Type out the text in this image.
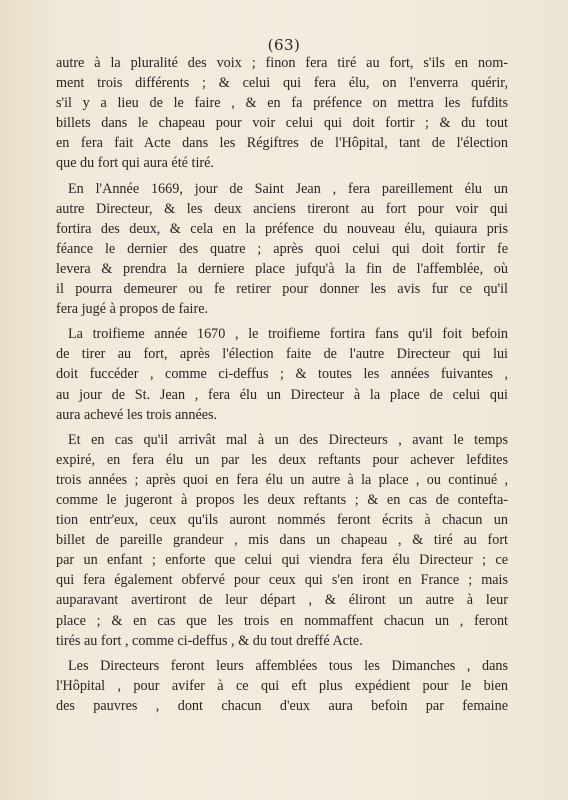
(63)

autre à la pluralité des voix ; finon fera tiré au fort, s'ils en nom-
ment trois différents ; & celui qui fera élu, on l'enverra quérir,
s'il y a lieu de le faire , & en fa préfence on mettra les fufdits
billets dans le chapeau pour voir celui qui doit fortir ; & du tout
en fera fait Acte dans les Régiftres de l'Hôpital, tant de l'élection
que du fort qui aura été tiré.

En l'Année 1669, jour de Saint Jean , fera pareillement élu un
autre Directeur, & les deux anciens tireront au fort pour voir qui
fortira des deux, & cela en la préfence du nouveau élu, quiaura pris
féance le dernier des quatre ; après quoi celui qui doit fortir fe
levera & prendra la derniere place jufqu'à la fin de l'affemblée, où
il pourra demeurer ou fe retirer pour donner les avis fur ce qu'il
fera jugé à propos de faire.

La troifieme année 1670 , le troifieme fortira fans qu'il foit befoin
de tirer au fort, après l'élection faite de l'autre Directeur qui lui
doit fuccéder , comme ci-deffus ; & toutes les années fuivantes ,
au jour de St. Jean , fera élu un Directeur à la place de celui qui
aura achevé les trois années.

Et en cas qu'il arrivât mal à un des Directeurs , avant le temps
expiré, en fera élu un par les deux reftants pour achever lefdites
trois années ; après quoi en fera élu un autre à la place , ou continué ,
comme le jugeront à propos les deux reftants ; & en cas de contefta-
tion entr'eux, ceux qu'ils auront nommés feront écrits à chacun un
billet de pareille grandeur , mis dans un chapeau , & tiré au fort
par un enfant ; enforte que celui qui viendra fera élu Directeur ; ce
qui fera également obfervé pour ceux qui s'en iront en France ; mais
auparavant avertiront de leur départ , & éliront un autre à leur
place ; & en cas que les trois en nommaffent chacun un , feront
tirés au fort , comme ci-deffus , & du tout dreffé Acte.

Les Directeurs feront leurs affemblées tous les Dimanches , dans
l'Hôpital , pour avifer à ce qui eft plus expédient pour le bien
des pauvres , dont chacun d'eux aura befoin par femaine
